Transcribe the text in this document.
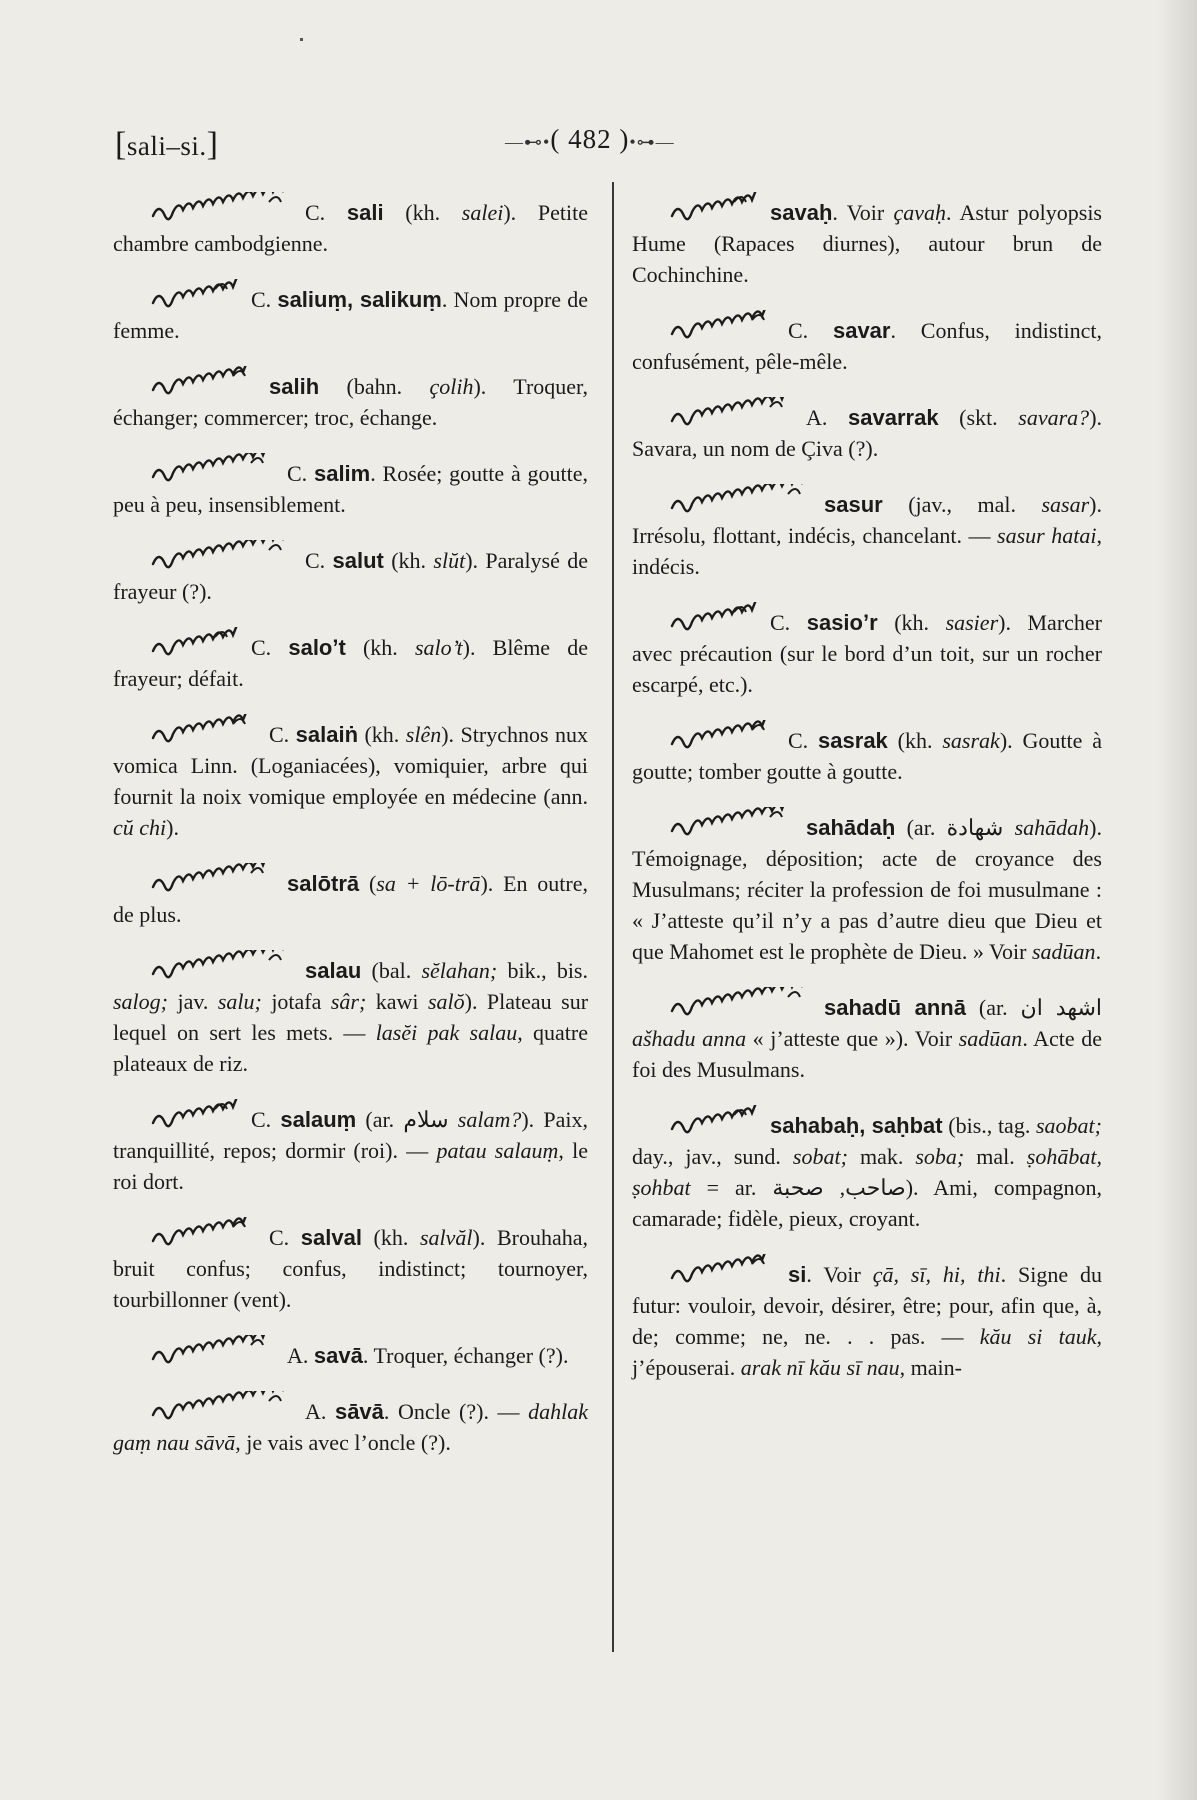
[sali–si.]	—⊷•( 482 )•⊶—
C. sali (kh. salei). Petite chambre cambodgienne.
C. saliuṃ, salikuṃ. Nom propre de femme.
salih (bahn. ҫolih). Troquer, échanger; commercer; troc, échange.
C. salim. Rosée; goutte à goutte, peu à peu, insensiblement.
C. salut (kh. slŭt). Paralysé de frayeur (?).
C. salo’t (kh. salo’t). Blême de frayeur; défait.
C. salaiṅ (kh. slên). Strychnos nux vomica Linn. (Loganiacées), vomiquier, arbre qui fournit la noix vomique employée en médecine (ann. cŭ chi).
salōtrā (sa + lō-trā). En outre, de plus.
salau (bal. sĕlahan; bik., bis. salog; jav. salu; jotafa sâr; kawi salŏ). Plateau sur lequel on sert les mets. — lasĕi pak salau, quatre plateaux de riz.
C. salauṃ (ar. ﺳﻼﻡ salam?). Paix, tranquillité, repos; dormir (roi). — patau salauṃ, le roi dort.
C. salval (kh. salvăl). Brouhaha, bruit confus; confus, indistinct; tournoyer, tourbillonner (vent).
A. savā. Troquer, échanger (?).
A. sāvā. Oncle (?). — dahlak gaṃ nau sāvā, je vais avec l’oncle (?).
savaḥ. Voir ҫavaḥ. Astur polyopsis Hume (Rapaces diurnes), autour brun de Cochinchine.
C. savar. Confus, indistinct, confusément, pêle-mêle.
A. savarrak (skt. savara?). Savara, un nom de Çiva (?).
sasur (jav., mal. sasar). Irrésolu, flottant, indécis, chancelant. — sasur hatai, indécis.
C. sasio’r (kh. sasier). Marcher avec précaution (sur le bord d’un toit, sur un rocher escarpé, etc.).
C. sasrak (kh. sasrak). Goutte à goutte; tomber goutte à goutte.
sahādaḥ (ar. ﺷﻬﺎﺩﺓ sahādah). Témoignage, déposition; acte de croyance des Musulmans; réciter la profession de foi musulmane : « J’atteste qu’il n’y a pas d’autre dieu que Dieu et que Mahomet est le prophète de Dieu. » Voir sadūan.
sahadū annā (ar. ﺍﺷﻬﺪ ﺍﻥ ašhadu anna « j’atteste que »). Voir sadūan. Acte de foi des Musulmans.
sahabaḥ, saḥbat (bis., tag. saobat; day., jav., sund. sobat; mak. soba; mal. ṣohābat, ṣohbat = ar. ﺻﺎﺣﺐ, ﺻﺤﺒﺔ). Ami, compagnon, camarade; fidèle, pieux, croyant.
si. Voir ҫā, sī, hi, thi. Signe du futur: vouloir, devoir, désirer, être; pour, afin que, à, de; comme; ne, ne. . . pas. — kău si tauk, j’épouserai. arak nī kău sī nau, main-
